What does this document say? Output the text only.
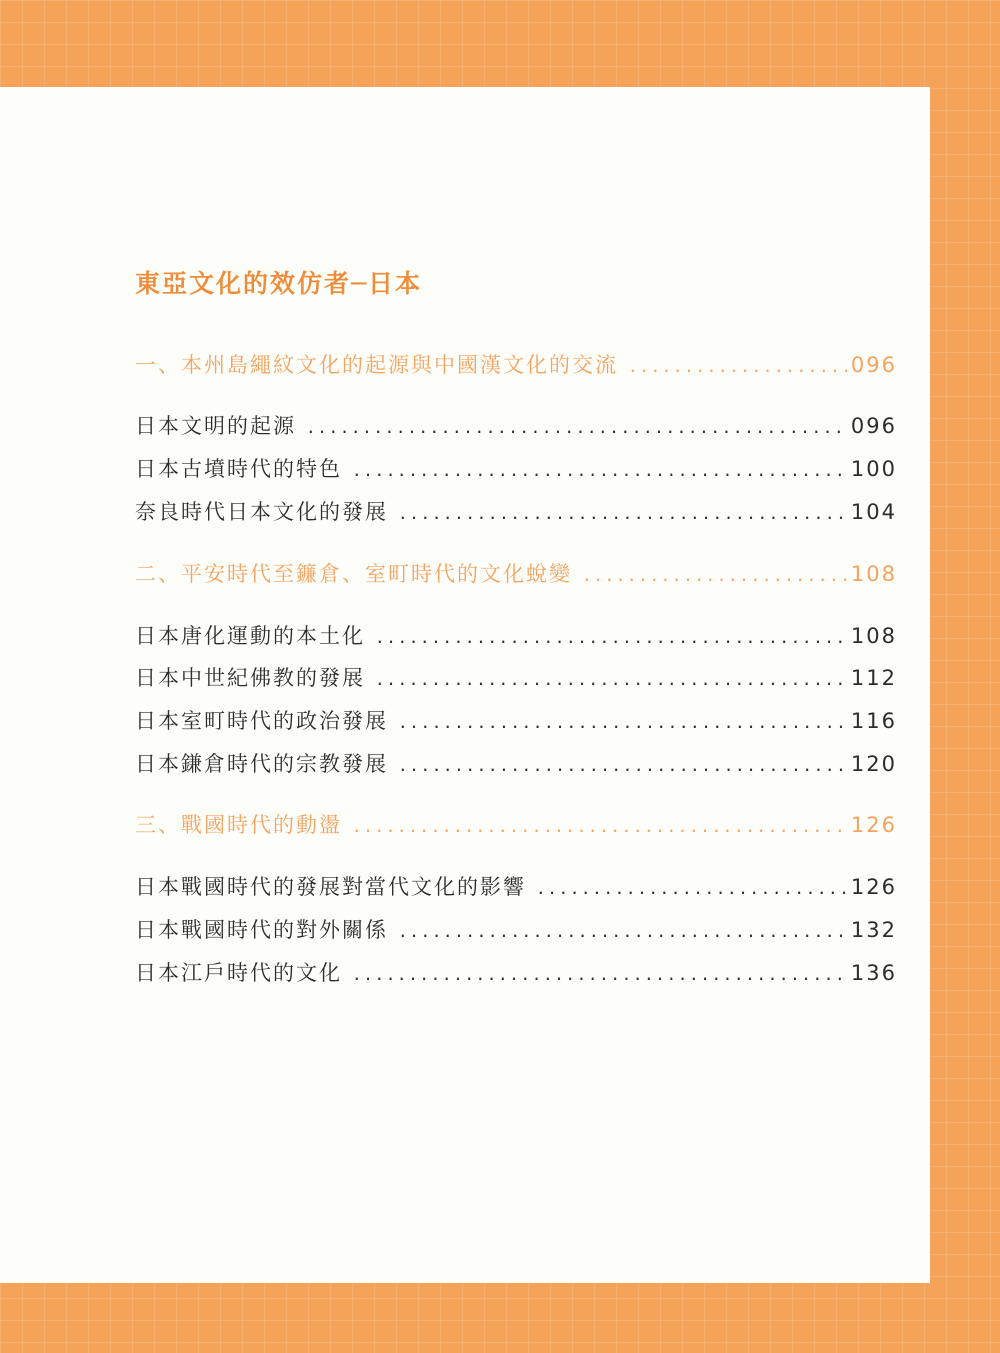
東亞文化的效仿者─日本
一、本州島繩紋文化的起源與中國漢文化的交流 .....	096
日本文明的起源 .....	096
日本古墳時代的特色 .....	100
奈良時代日本文化的發展 .....	104
二、平安時代至鐮倉、室町時代的文化蛻變 .....	108
日本唐化運動的本土化 .....	108
日本中世紀佛教的發展 .....	112
日本室町時代的政治發展 .....	116
日本鎌倉時代的宗教發展 .....	120
三、戰國時代的動盪 .....	126
日本戰國時代的發展對當代文化的影響 .....	126
日本戰國時代的對外關係 .....	132
日本江戶時代的文化 .....	136
